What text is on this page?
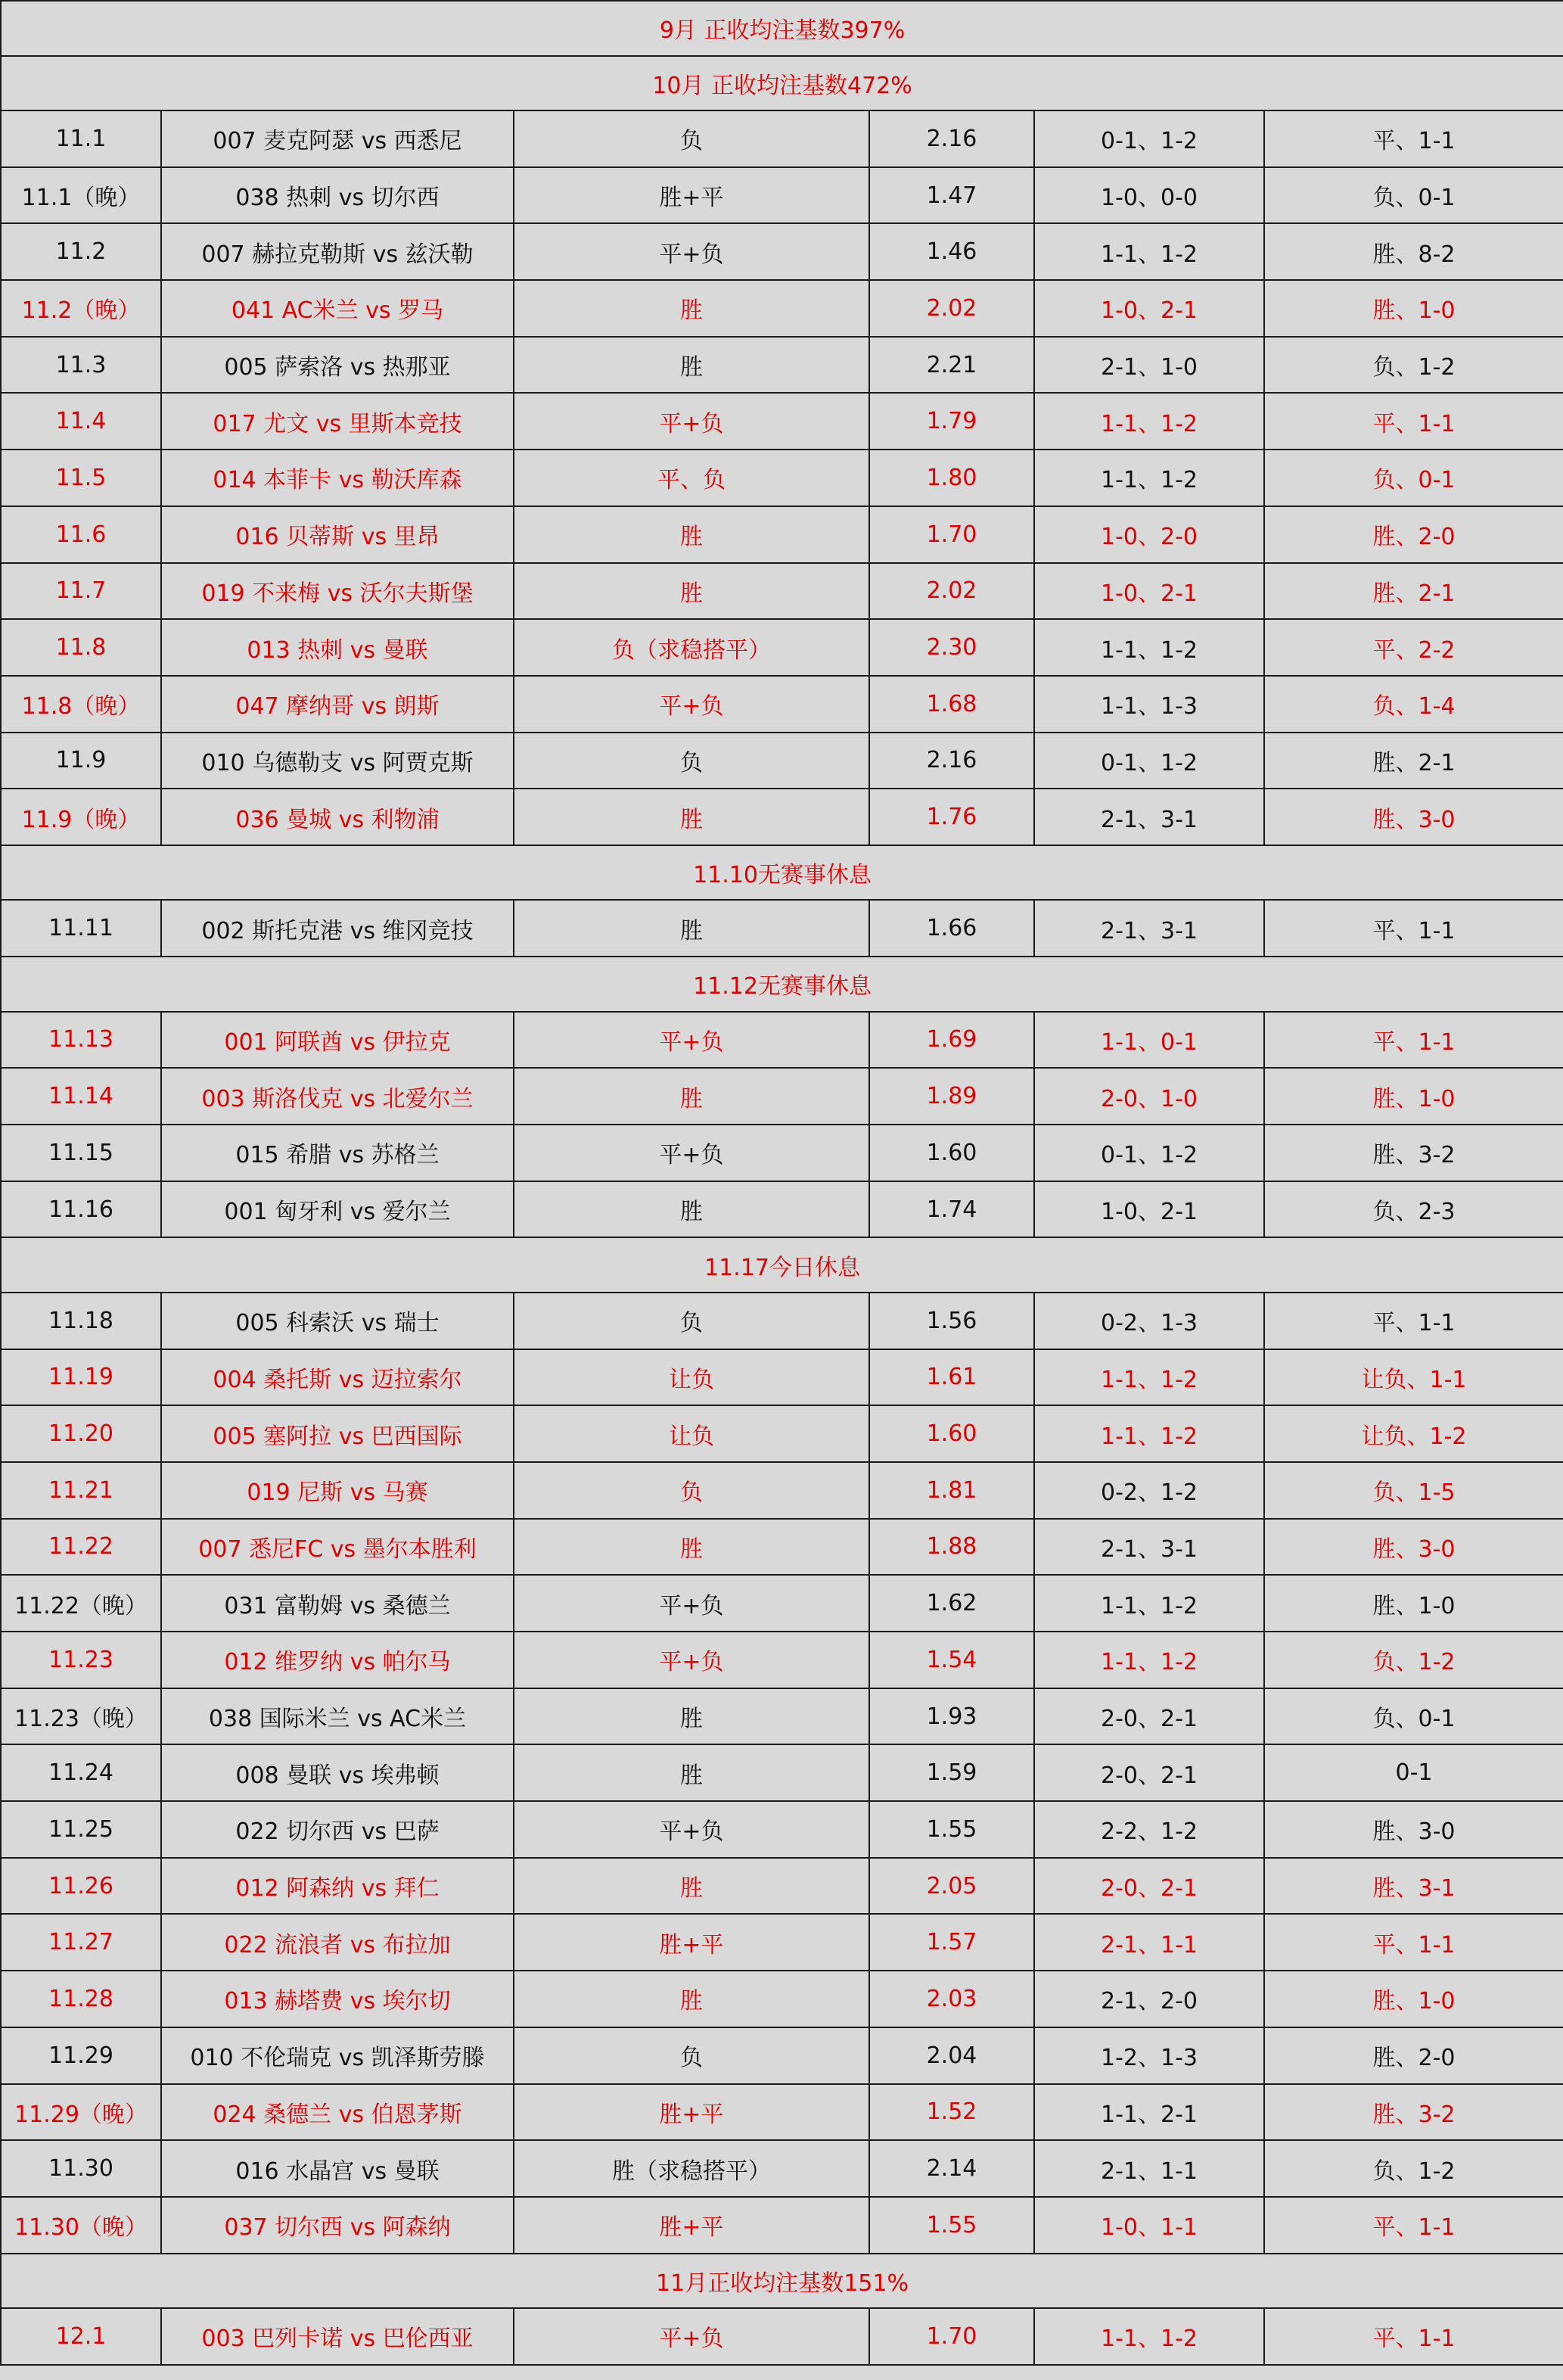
9月 正收均注基数397%					
10月 正收均注基数472%					
11.1	007 麦克阿瑟 vs 西悉尼	负	2.16	0-1、1-2	平、1-1
11.1（晚）	038 热刺 vs 切尔西	胜+平	1.47	1-0、0-0	负、0-1
11.2	007 赫拉克勒斯 vs 兹沃勒	平+负	1.46	1-1、1-2	胜、8-2
11.2（晚）	041 AC米兰 vs 罗马	胜	2.02	1-0、2-1	胜、1-0
11.3	005 萨索洛 vs 热那亚	胜	2.21	2-1、1-0	负、1-2
11.4	017 尤文 vs 里斯本竞技	平+负	1.79	1-1、1-2	平、1-1
11.5	014 本菲卡 vs 勒沃库森	平、负	1.80	1-1、1-2	负、0-1
11.6	016 贝蒂斯 vs 里昂	胜	1.70	1-0、2-0	胜、2-0
11.7	019 不来梅 vs 沃尔夫斯堡	胜	2.02	1-0、2-1	胜、2-1
11.8	013 热刺 vs 曼联	负（求稳搭平）	2.30	1-1、1-2	平、2-2
11.8（晚）	047 摩纳哥 vs 朗斯	平+负	1.68	1-1、1-3	负、1-4
11.9	010 乌德勒支 vs 阿贾克斯	负	2.16	0-1、1-2	胜、2-1
11.9（晚）	036 曼城 vs 利物浦	胜	1.76	2-1、3-1	胜、3-0
11.10无赛事休息					
11.11	002 斯托克港 vs 维冈竞技	胜	1.66	2-1、3-1	平、1-1
11.12无赛事休息					
11.13	001 阿联酋 vs 伊拉克	平+负	1.69	1-1、0-1	平、1-1
11.14	003 斯洛伐克 vs 北爱尔兰	胜	1.89	2-0、1-0	胜、1-0
11.15	015 希腊 vs 苏格兰	平+负	1.60	0-1、1-2	胜、3-2
11.16	001 匈牙利 vs 爱尔兰	胜	1.74	1-0、2-1	负、2-3
11.17今日休息					
11.18	005 科索沃 vs 瑞士	负	1.56	0-2、1-3	平、1-1
11.19	004 桑托斯 vs 迈拉索尔	让负	1.61	1-1、1-2	让负、1-1
11.20	005 塞阿拉 vs 巴西国际	让负	1.60	1-1、1-2	让负、1-2
11.21	019 尼斯 vs 马赛	负	1.81	0-2、1-2	负、1-5
11.22	007 悉尼FC vs 墨尔本胜利	胜	1.88	2-1、3-1	胜、3-0
11.22（晚）	031 富勒姆 vs 桑德兰	平+负	1.62	1-1、1-2	胜、1-0
11.23	012 维罗纳 vs 帕尔马	平+负	1.54	1-1、1-2	负、1-2
11.23（晚）	038 国际米兰 vs AC米兰	胜	1.93	2-0、2-1	负、0-1
11.24	008 曼联 vs 埃弗顿	胜	1.59	2-0、2-1	0-1
11.25	022 切尔西 vs 巴萨	平+负	1.55	2-2、1-2	胜、3-0
11.26	012 阿森纳 vs 拜仁	胜	2.05	2-0、2-1	胜、3-1
11.27	022 流浪者 vs 布拉加	胜+平	1.57	2-1、1-1	平、1-1
11.28	013 赫塔费 vs 埃尔切	胜	2.03	2-1、2-0	胜、1-0
11.29	010 不伦瑞克 vs 凯泽斯劳滕	负	2.04	1-2、1-3	胜、2-0
11.29（晚）	024 桑德兰 vs 伯恩茅斯	胜+平	1.52	1-1、2-1	胜、3-2
11.30	016 水晶宫 vs 曼联	胜（求稳搭平）	2.14	2-1、1-1	负、1-2
11.30（晚）	037 切尔西 vs 阿森纳	胜+平	1.55	1-0、1-1	平、1-1
11月正收均注基数151%					
12.1	003 巴列卡诺 vs 巴伦西亚	平+负	1.70	1-1、1-2	平、1-1
